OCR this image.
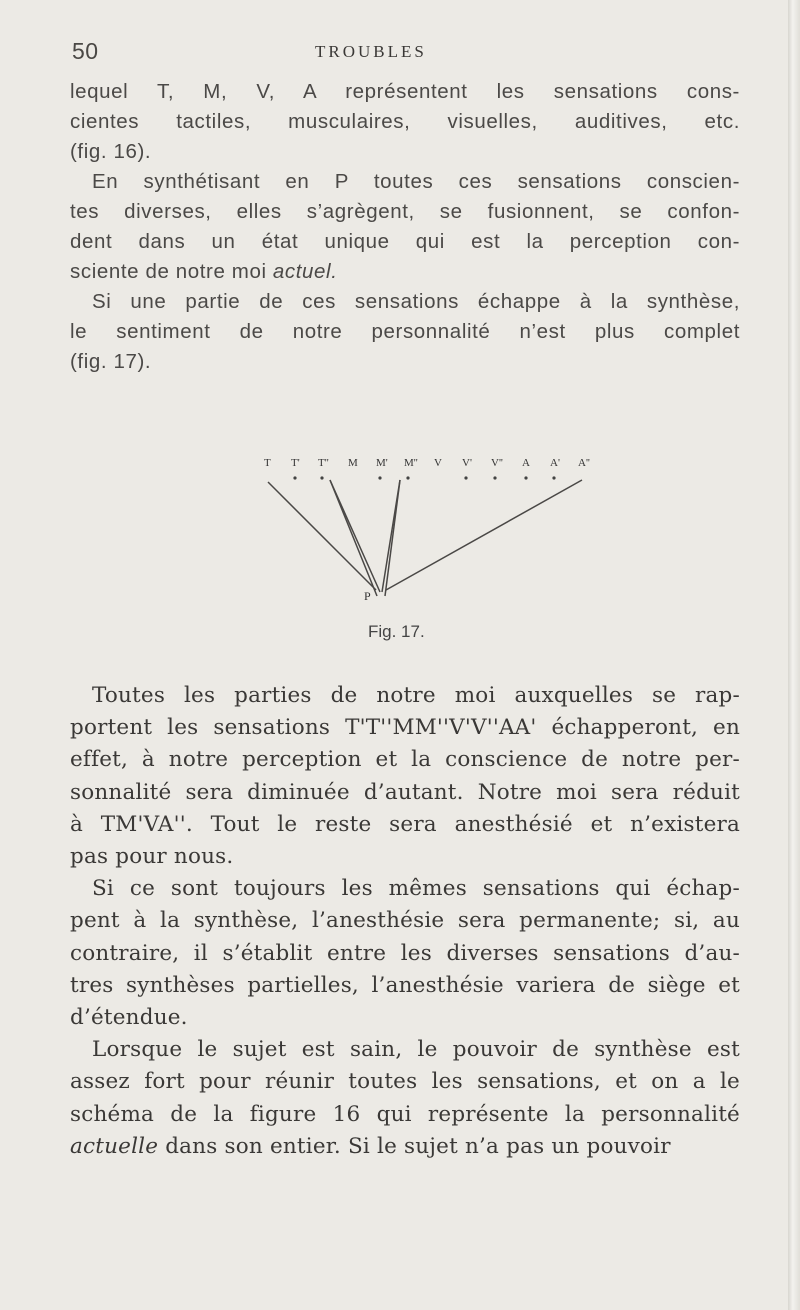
50	TROUBLES
lequel T, M, V, A représentent les sensations cons-
cientes tactiles, musculaires, visuelles, auditives, etc.
(fig. 16).
En synthétisant en P toutes ces sensations conscien-
tes diverses, elles s’agrègent, se fusionnent, se confon-
dent dans un état unique qui est la perception con-
sciente de notre moi actuel.
Si une partie de ces sensations échappe à la synthèse,
le sentiment de notre personnalité n’est plus complet
(fig. 17).
T T' T'' M M' M'' V V' V'' A A' A''
P
Fig. 17.
Toutes les parties de notre moi auxquelles se rap-
portent les sensations T'T''MM''V'V''AA' échapperont, en
effet, à notre perception et la conscience de notre per-
sonnalité sera diminuée d’autant. Notre moi sera réduit
à TM'VA''. Tout le reste sera anesthésié et n’existera
pas pour nous.
Si ce sont toujours les mêmes sensations qui échap-
pent à la synthèse, l’anesthésie sera permanente; si, au
contraire, il s’établit entre les diverses sensations d’au-
tres synthèses partielles, l’anesthésie variera de siège et
d’étendue.
Lorsque le sujet est sain, le pouvoir de synthèse est
assez fort pour réunir toutes les sensations, et on a le
schéma de la figure 16 qui représente la personnalité
actuelle dans son entier. Si le sujet n’a pas un pouvoir
